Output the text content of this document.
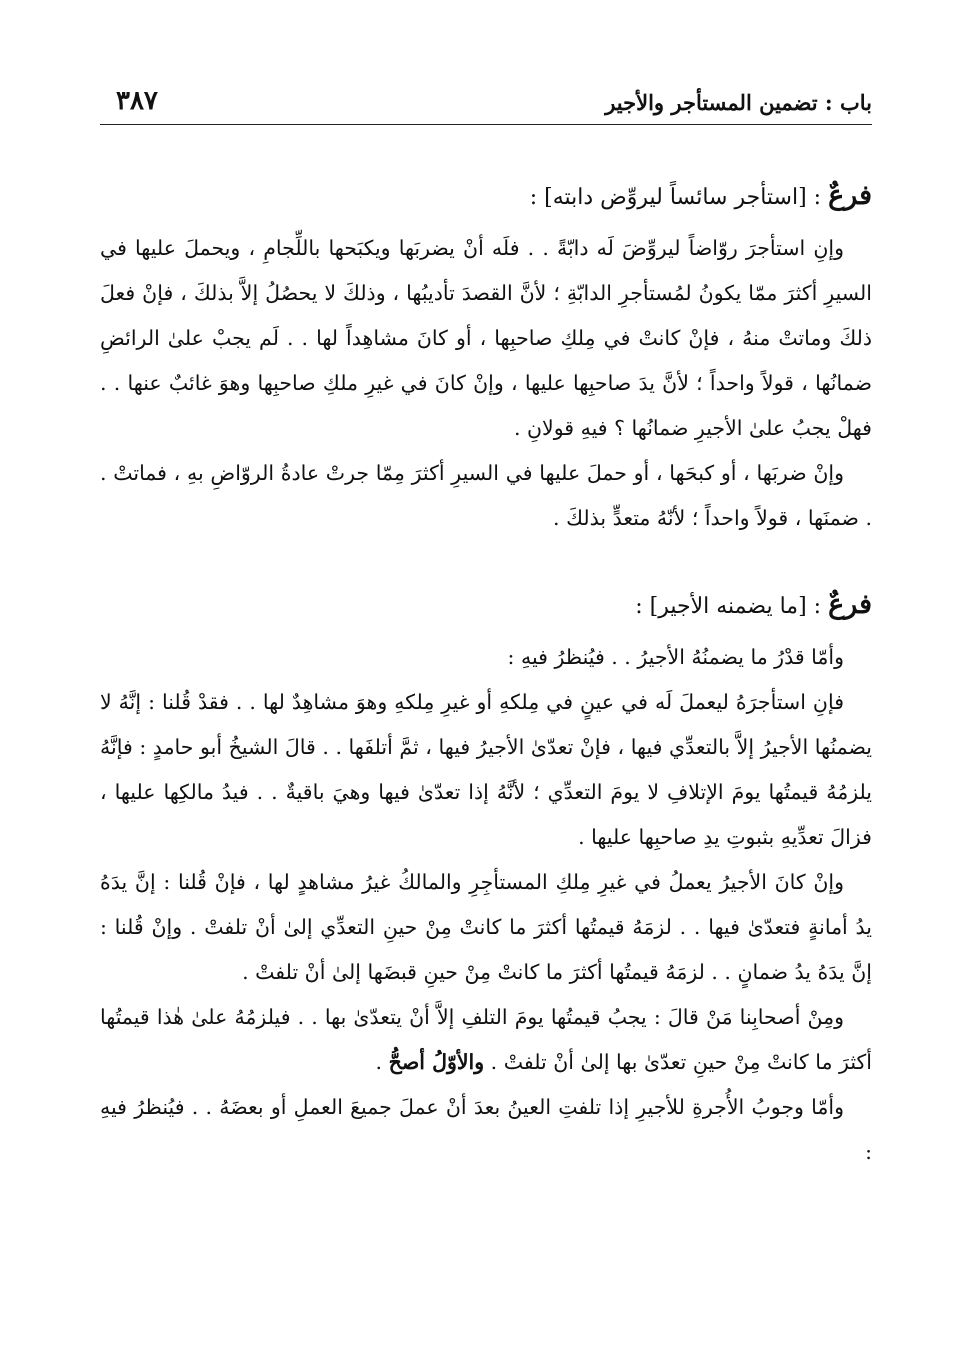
باب : تضمين المستأجر والأجير
٣٨٧

فرعٌ : [استأجر سائساً ليروِّض دابته] :

وإنِ استأجرَ روّاضاً ليروِّضَ لَه دابّةً . . فلَه أنْ يضربَها ويكبَحها باللِّجامِ ، ويحملَ عليها في السيرِ أكثرَ ممّا يكونُ لمُستأجرِ الدابّةِ ؛ لأنَّ القصدَ تأديبُها ، وذلكَ لا يحصُلُ إلاَّ بذلكَ ، فإنْ فعلَ ذلكَ وماتتْ منهُ ، فإنْ كانتْ في مِلكِ صاحبِها ، أو كانَ مشاهِداً لها . . لَم يجبْ علىٰ الرائضِ ضمانُها ، قولاً واحداً ؛ لأنَّ يدَ صاحبِها عليها ، وإنْ كانَ في غيرِ ملكِ صاحبِها وهوَ غائبٌ عنها . . فهلْ يجبُ علىٰ الأجيرِ ضمانُها ؟ فيهِ قولانِ .

وإنْ ضربَها ، أو كبحَها ، أو حملَ عليها في السيرِ أكثرَ مِمّا جرتْ عادةُ الروّاضِ بهِ ، فماتتْ . . ضمنَها ، قولاً واحداً ؛ لأنّهُ متعدٍّ بذلكَ .

فرعٌ : [ما يضمنه الأجير] :

وأمّا قدْرُ ما يضمنُهُ الأجيرُ . . فيُنظرُ فيهِ :

فإنِ استأجرَهُ ليعملَ لَه في عينٍ في مِلكهِ أو غيرِ مِلكهِ وهوَ مشاهِدٌ لها . . فقدْ قُلنا : إنَّهُ لا يضمنُها الأجيرُ إلاَّ بالتعدِّي فيها ، فإنْ تعدّىٰ الأجيرُ فيها ، ثمَّ أتلفَها . . قالَ الشيخُ أبو حامدٍ : فإنَّهُ يلزمُهُ قيمتُها يومَ الإتلافِ لا يومَ التعدِّي ؛ لأنَّهُ إذا تعدّىٰ فيها وهيَ باقيةٌ . . فيدُ مالكِها عليها ، فزالَ تعدِّيهِ بثبوتِ يدِ صاحبِها عليها .

وإنْ كانَ الأجيرُ يعملُ في غيرِ مِلكِ المستأجِرِ والمالكُ غيرُ مشاهدٍ لها ، فإنْ قُلنا : إنَّ يدَهُ يدُ أمانةٍ فتعدّىٰ فيها . . لزمَهُ قيمتُها أكثرَ ما كانتْ مِنْ حينِ التعدِّي إلىٰ أنْ تلفتْ . وإنْ قُلنا : إنَّ يدَهُ يدُ ضمانٍ . . لزمَهُ قيمتُها أكثرَ ما كانتْ مِنْ حينِ قبضَها إلىٰ أنْ تلفتْ .

ومِنْ أصحابِنا مَنْ قالَ : يجبُ قيمتُها يومَ التلفِ إلاَّ أنْ يتعدّىٰ بها . . فيلزمُهُ علىٰ هٰذا قيمتُها أكثرَ ما كانتْ مِنْ حينِ تعدّىٰ بها إلىٰ أنْ تلفتْ . والأوّلُ أصحُّ .

وأمّا وجوبُ الأُجرةِ للأجيرِ إذا تلفتِ العينُ بعدَ أنْ عملَ جميعَ العملِ أو بعضَهُ . . فيُنظرُ فيهِ :
